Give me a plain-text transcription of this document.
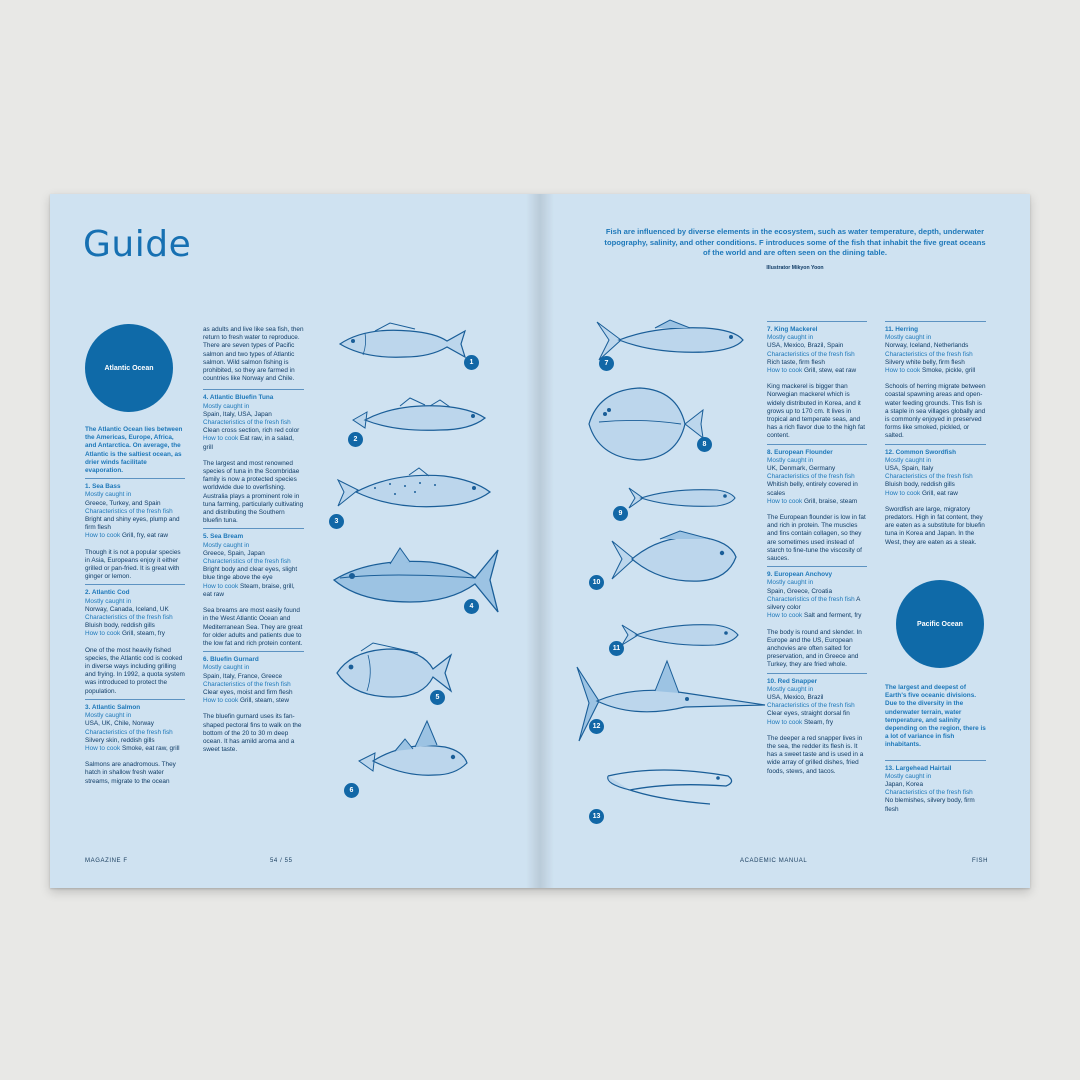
Guide
Atlantic Ocean

The Atlantic Ocean lies between the Americas, Europe, Africa, and Antarctica. On average, the Atlantic is the saltiest ocean, as drier winds facilitate evaporation.

1. Sea Bass

Mostly caught in

Greece, Turkey, and Spain

Characteristics of the fresh fish

Bright and shiny eyes, plump and firm flesh

How to cook Grill, fry, eat raw

Though it is not a popular species in Asia, Europeans enjoy it either grilled or pan-fried. It is great with ginger or lemon.

2. Atlantic Cod

Mostly caught in

Norway, Canada, Iceland, UK

Characteristics of the fresh fish

Bluish body, reddish gills

How to cook Grill, steam, fry

One of the most heavily fished species, the Atlantic cod is cooked in diverse ways including grilling and frying. In 1992, a quota system was introduced to protect the population.

3. Atlantic Salmon

Mostly caught in

USA, UK, Chile, Norway

Characteristics of the fresh fish

Silvery skin, reddish gills

How to cook Smoke, eat raw, grill

Salmons are anadromous. They hatch in shallow fresh water streams, migrate to the ocean

as adults and live like sea fish, then return to fresh water to reproduce. There are seven types of Pacific salmon and two types of Atlantic salmon. Wild salmon fishing is prohibited, so they are farmed in countries like Norway and Chile.

4. Atlantic Bluefin Tuna

Mostly caught in

Spain, Italy, USA, Japan

Characteristics of the fresh fish

Clean cross section, rich red color

How to cook Eat raw, in a salad, grill

The largest and most renowned species of tuna in the Scombridae family is now a protected species worldwide due to overfishing. Australia plays a prominent role in tuna farming, particularly cultivating and distributing the Southern bluefin tuna.

5. Sea Bream

Mostly caught in

Greece, Spain, Japan

Characteristics of the fresh fish

Bright body and clear eyes, slight blue tinge above the eye

How to cook Steam, braise, grill, eat raw

Sea breams are most easily found in the West Atlantic Ocean and Mediterranean Sea. They are great for older adults and patients due to the low fat and rich protein content.

6. Bluefin Gurnard

Mostly caught in

Spain, Italy, France, Greece

Characteristics of the fresh fish

Clear eyes, moist and firm flesh

How to cook Grill, steam, stew

The bluefin gurnard uses its fan-shaped pectoral fins to walk on the bottom of the 20 to 30 m deep ocean. It has amild aroma and a sweet taste.

1
2
3
4
5
6
MAGAZINE F	54 / 55
Fish are influenced by diverse elements in the ecosystem, such as water temperature, depth, underwater topography, salinity, and other conditions. F introduces some of the fish that inhabit the five great oceans of the world and are often seen on the dining table.
Illustrator Mikyon Yoon
7
8
9
10
11
12
13

7. King Mackerel

Mostly caught in

USA, Mexico, Brazil, Spain

Characteristics of the fresh fish

Rich taste, firm flesh

How to cook Grill, stew, eat raw

King mackerel is bigger than Norwegian mackerel which is widely distributed in Korea, and it grows up to 170 cm. It lives in tropical and temperate seas, and has a rich flavor due to the high fat content.

8. European Flounder

Mostly caught in

UK, Denmark, Germany

Characteristics of the fresh fish

Whitish belly, entirely covered in scales

How to cook Grill, braise, steam

The European flounder is low in fat and rich in protein. The muscles and fins contain collagen, so they are sometimes used instead of starch to fine-tune the viscosity of sauces.

9. European Anchovy

Mostly caught in

Spain, Greece, Croatia

Characteristics of the fresh fish A silvery color

How to cook Salt and ferment, fry

The body is round and slender. In Europe and the US, European anchovies are often salted for preservation, and in Greece and Turkey, they are fried whole.

10. Red Snapper

Mostly caught in

USA, Mexico, Brazil

Characteristics of the fresh fish

Clear eyes, straight dorsal fin

How to cook Steam, fry

The deeper a red snapper lives in the sea, the redder its flesh is. It has a sweet taste and is used in a wide array of grilled dishes, fried foods, stews, and tacos.

11. Herring

Mostly caught in

Norway, Iceland, Netherlands

Characteristics of the fresh fish

Silvery white belly, firm flesh

How to cook Smoke, pickle, grill

Schools of herring migrate between coastal spawning areas and open-water feeding grounds. This fish is a staple in sea villages globally and is commonly enjoyed in preserved forms like smoked, pickled, or salted.

12. Common Swordfish

Mostly caught in

USA, Spain, Italy

Characteristics of the fresh fish

Bluish body, reddish gills

How to cook Grill, eat raw

Swordfish are large, migratory predators. High in fat content, they are eaten as a substitute for bluefin tuna in Korea and Japan. In the West, they are eaten as a steak.

Pacific Ocean

The largest and deepest of Earth's five oceanic divisions. Due to the diversity in the underwater terrain, water temperature, and salinity depending on the region, there is a lot of variance in fish inhabitants.

13. Largehead Hairtail

Mostly caught in

Japan, Korea

Characteristics of the fresh fish

No blemishes, silvery body, firm flesh

ACADEMIC MANUAL	FISH
